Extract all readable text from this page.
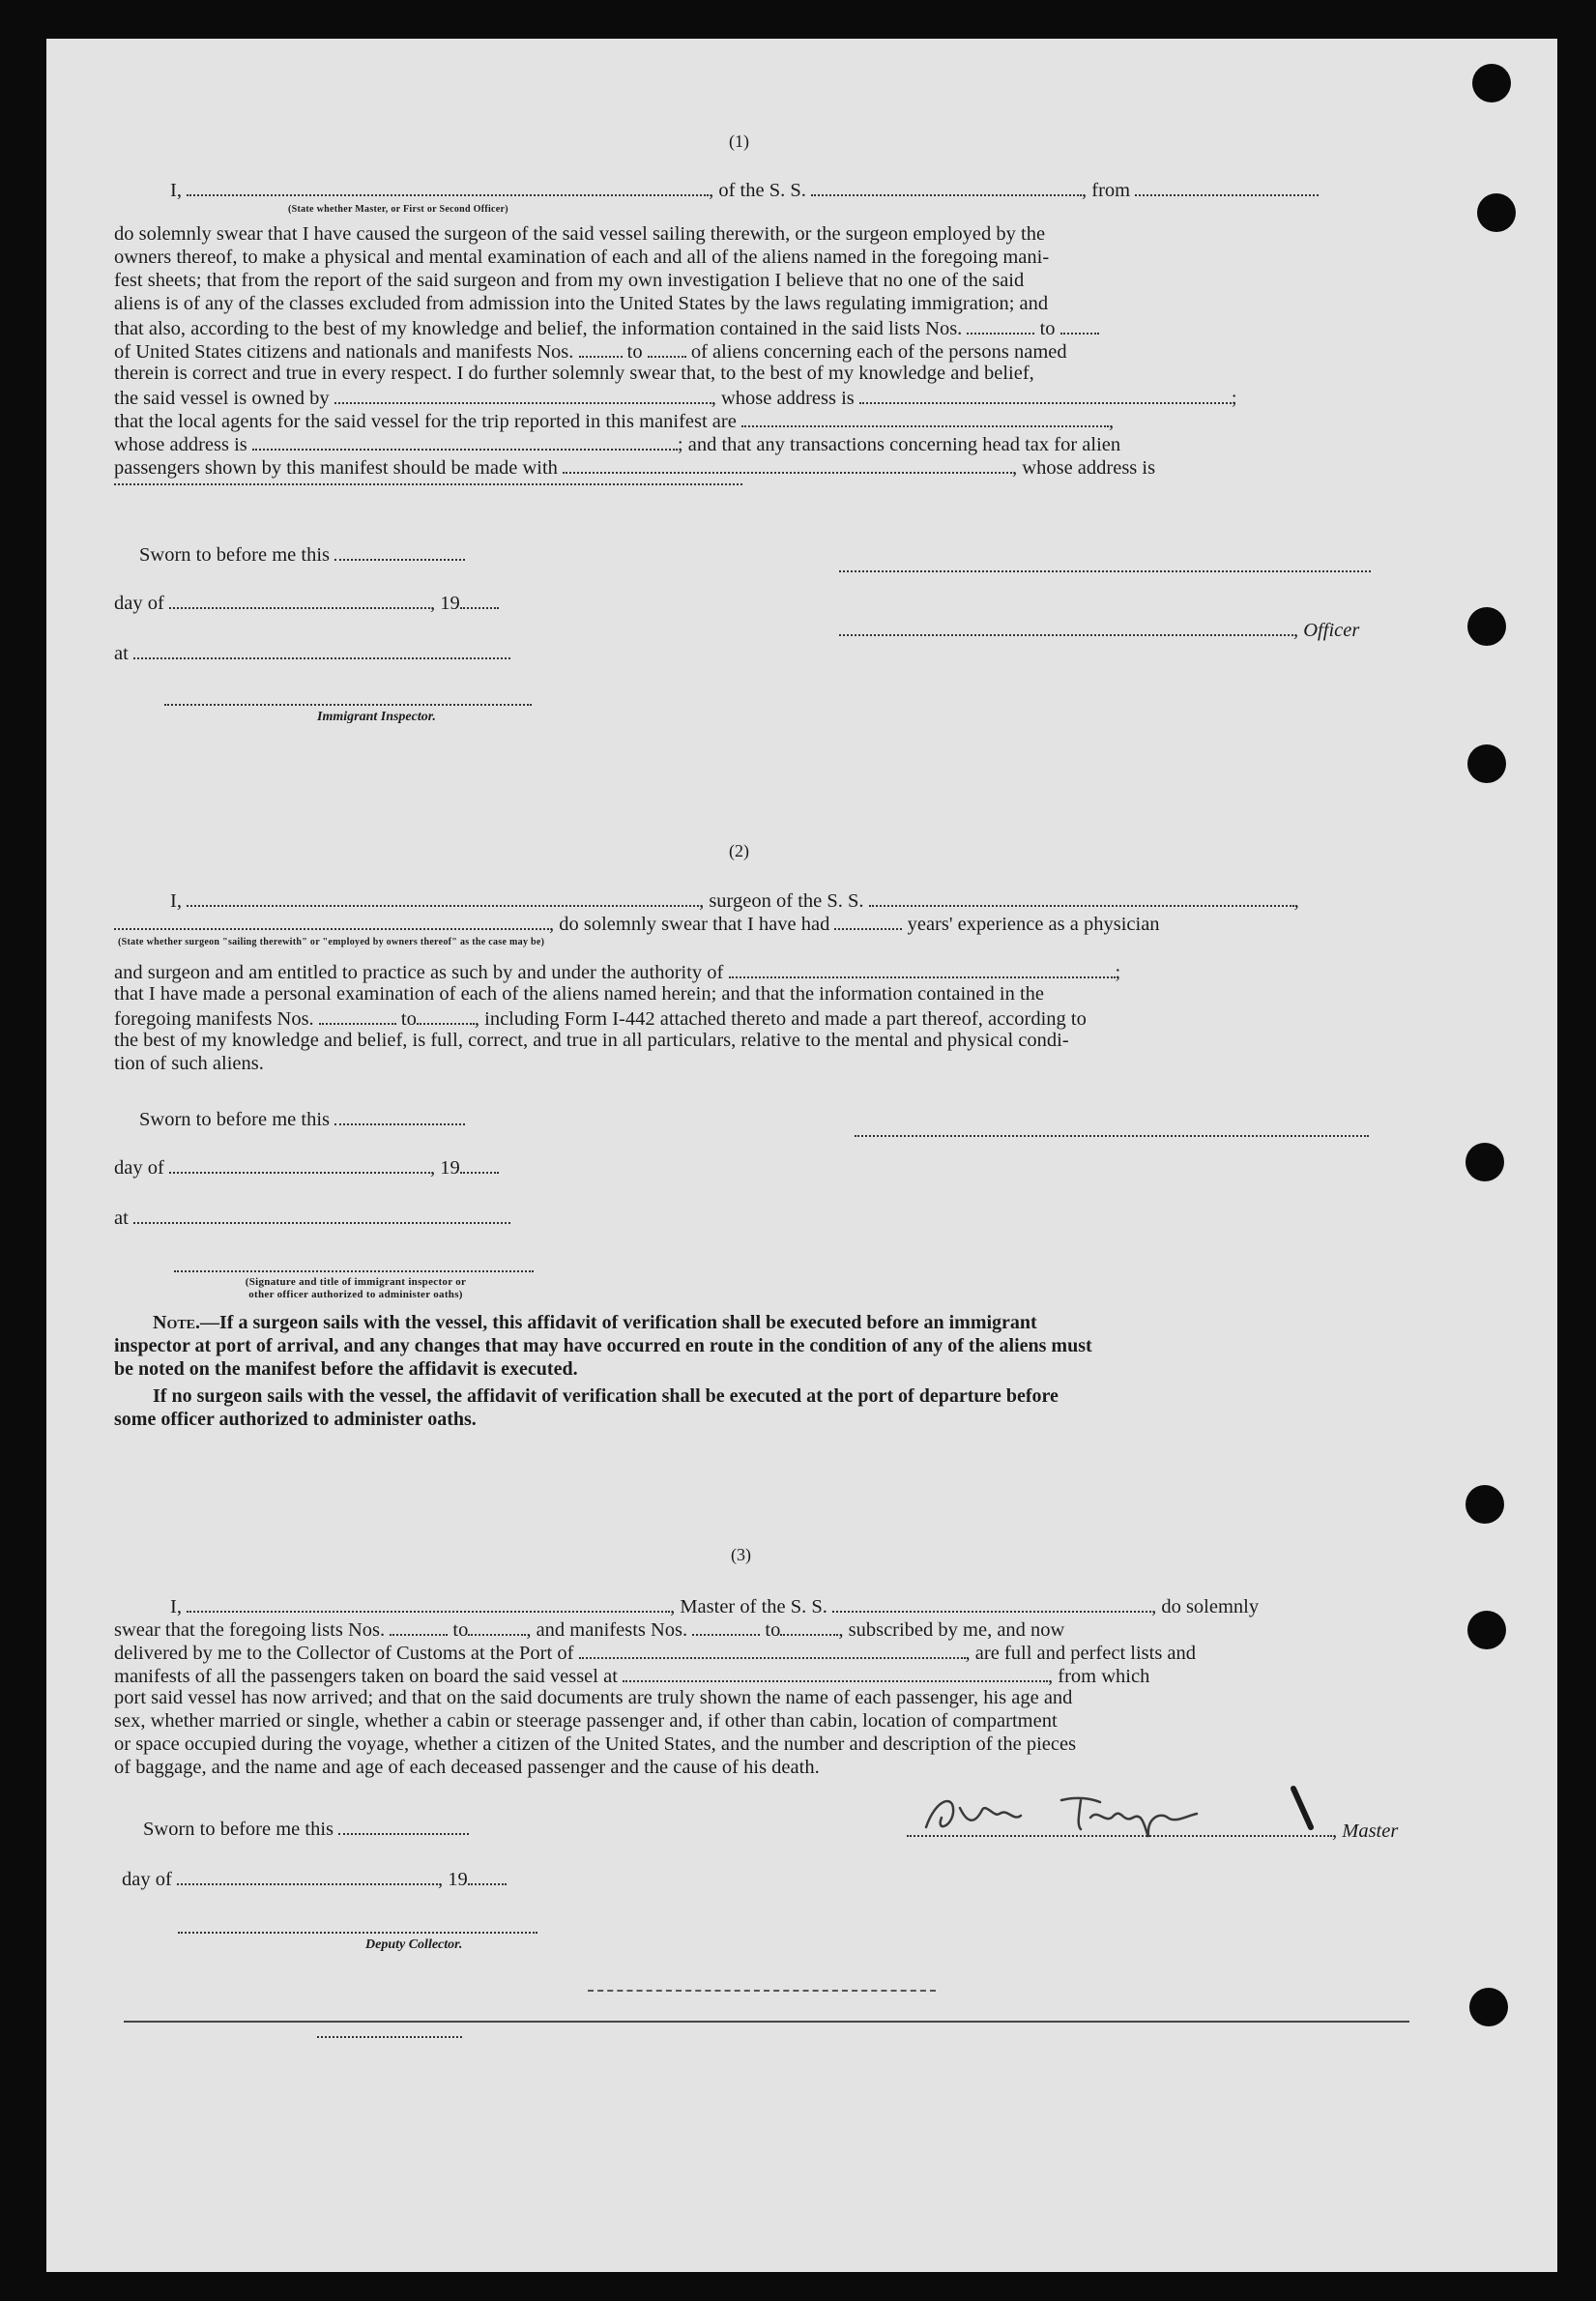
(1)
I,	, of the S. S.	, from
(State whether Master, or First or Second Officer)
do solemnly swear that I have caused the surgeon of the said vessel sailing therewith, or the surgeon employed by the
owners thereof, to make a physical and mental examination of each and all of the aliens named in the foregoing mani-
fest sheets; that from the report of the said surgeon and from my own investigation I believe that no one of the said
aliens is of any of the classes excluded from admission into the United States by the laws regulating immigration; and
that also, according to the best of my knowledge and belief, the information contained in the said lists Nos.	to
of United States citizens and nationals and manifests Nos.	to of aliens concerning each of the persons named
therein is correct and true in every respect. I do further solemnly swear that, to the best of my knowledge and belief,
the said vessel is owned by	, whose address is	;
that the local agents for the said vessel for the trip reported in this manifest are	,
whose address is	; and that any transactions concerning head tax for alien
passengers shown by this manifest should be made with	, whose address is
Sworn to before me this
day of	, 19
, Officer
at
Immigrant Inspector.
(2)
I,	, surgeon of the S. S.	,
, do solemnly swear that I have had	years' experience as a physician
(State whether surgeon "sailing therewith" or "employed by owners thereof" as the case may be)
and surgeon and am entitled to practice as such by and under the authority of	;
that I have made a personal examination of each of the aliens named herein; and that the information contained in the
foregoing manifests Nos.	to	, including Form I-442 attached thereto and made a part thereof, according to
the best of my knowledge and belief, is full, correct, and true in all particulars, relative to the mental and physical condi-
tion of such aliens.
Sworn to before me this
day of	, 19
at
(Signature and title of immigrant inspector or
other officer authorized to administer oaths)
Note.—If a surgeon sails with the vessel, this affidavit of verification shall be executed before an immigrant
inspector at port of arrival, and any changes that may have occurred en route in the condition of any of the aliens must
be noted on the manifest before the affidavit is executed.
If no surgeon sails with the vessel, the affidavit of verification shall be executed at the port of departure before
some officer authorized to administer oaths.
(3)
I,	, Master of the S. S.	, do solemnly
swear that the foregoing lists Nos.	to	, and manifests Nos.	to	, subscribed by me, and now
delivered by me to the Collector of Customs at the Port of	, are full and perfect lists and
manifests of all the passengers taken on board the said vessel at	, from which
port said vessel has now arrived; and that on the said documents are truly shown the name of each passenger, his age and
sex, whether married or single, whether a cabin or steerage passenger and, if other than cabin, location of compartment
or space occupied during the voyage, whether a citizen of the United States, and the number and description of the pieces
of baggage, and the name and age of each deceased passenger and the cause of his death.
Sworn to before me this	, Master
day of	, 19
Deputy Collector.
